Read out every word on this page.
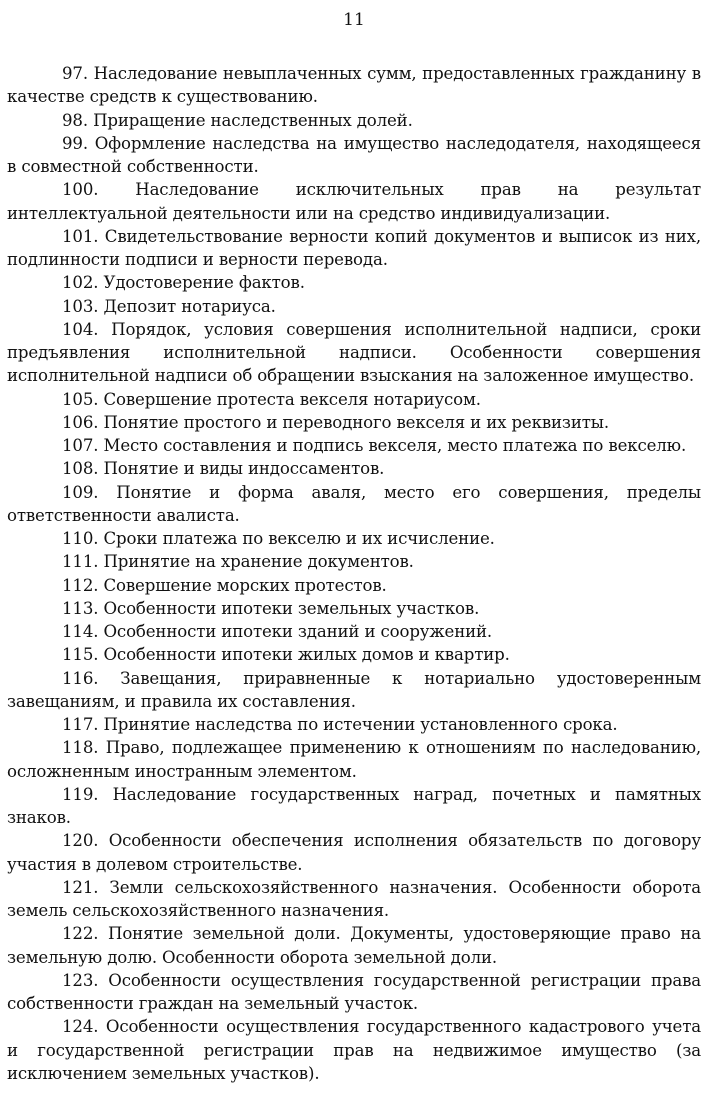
11

97. Наследование невыплаченных сумм, предоставленных гражданину в качестве средств к существованию.

98. Приращение наследственных долей.

99. Оформление наследства на имущество наследодателя, находящееся в совместной собственности.

100. Наследование исключительных прав на результат интеллектуальной деятельности или на средство индивидуализации.

101. Свидетельствование верности копий документов и выписок из них, подлинности подписи и верности перевода.

102. Удостоверение фактов.

103. Депозит нотариуса.

104. Порядок, условия совершения исполнительной надписи, сроки предъявления исполнительной надписи. Особенности совершения исполнительной надписи об обращении взыскания на заложенное имущество.

105. Совершение протеста векселя нотариусом.

106. Понятие простого и переводного векселя и их реквизиты.

107. Место составления и подпись векселя, место платежа по векселю.

108. Понятие и виды индоссаментов.

109. Понятие и форма аваля, место его совершения, пределы ответственности авалиста.

110. Сроки платежа по векселю и их исчисление.

111. Принятие на хранение документов.

112. Совершение морских протестов.

113. Особенности ипотеки земельных участков.

114. Особенности ипотеки зданий и сооружений.

115. Особенности ипотеки жилых домов и квартир.

116. Завещания, приравненные к нотариально удостоверенным завещаниям, и правила их составления.

117. Принятие наследства по истечении установленного срока.

118. Право, подлежащее применению к отношениям по наследованию, осложненным иностранным элементом.

119. Наследование государственных наград, почетных и памятных знаков.

120. Особенности обеспечения исполнения обязательств по договору участия в долевом строительстве.

121. Земли сельскохозяйственного назначения. Особенности оборота земель сельскохозяйственного назначения.

122. Понятие земельной доли. Документы, удостоверяющие право на земельную долю. Особенности оборота земельной доли.

123. Особенности осуществления государственной регистрации права собственности граждан на земельный участок.

124. Особенности осуществления государственного кадастрового учета и государственной регистрации прав на недвижимое имущество (за исключением земельных участков).
